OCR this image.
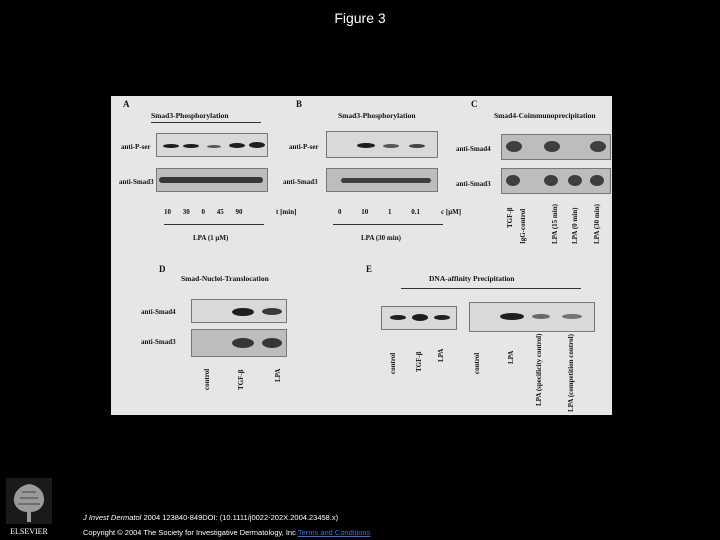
Figure 3
A
Smad3-Phosphorylation
anti-P-ser
anti-Smad3
10 30 0 45 90	t [min]
LPA (1 μM)
B
Smad3-Phosphorylation
anti-P-ser
anti-Smad3
0	10	1	0.1	c [μM]
LPA (30 min)
C
Smad4-Coimmunoprecipitation
anti-Smad4
anti-Smad3
TGF-β IgG-control	LPA (15 min) LPA (0 min) LPA (30 min)
D
Smad-Nuclei-Translocation
anti-Smad4
anti-Smad3
control	TGF-β	LPA
E
DNA-affinity Precipitation
control	TGF-β LPA	control	LPA	LPA (specificity control)	LPA (competition control)
ELSEVIER
J Invest Dermatol 2004 123840-849DOI: (10.1111/j0022-202X.2004.23458.x)
Copyright © 2004 The Society for Investigative Dermatology, Inc Terms and Conditions
